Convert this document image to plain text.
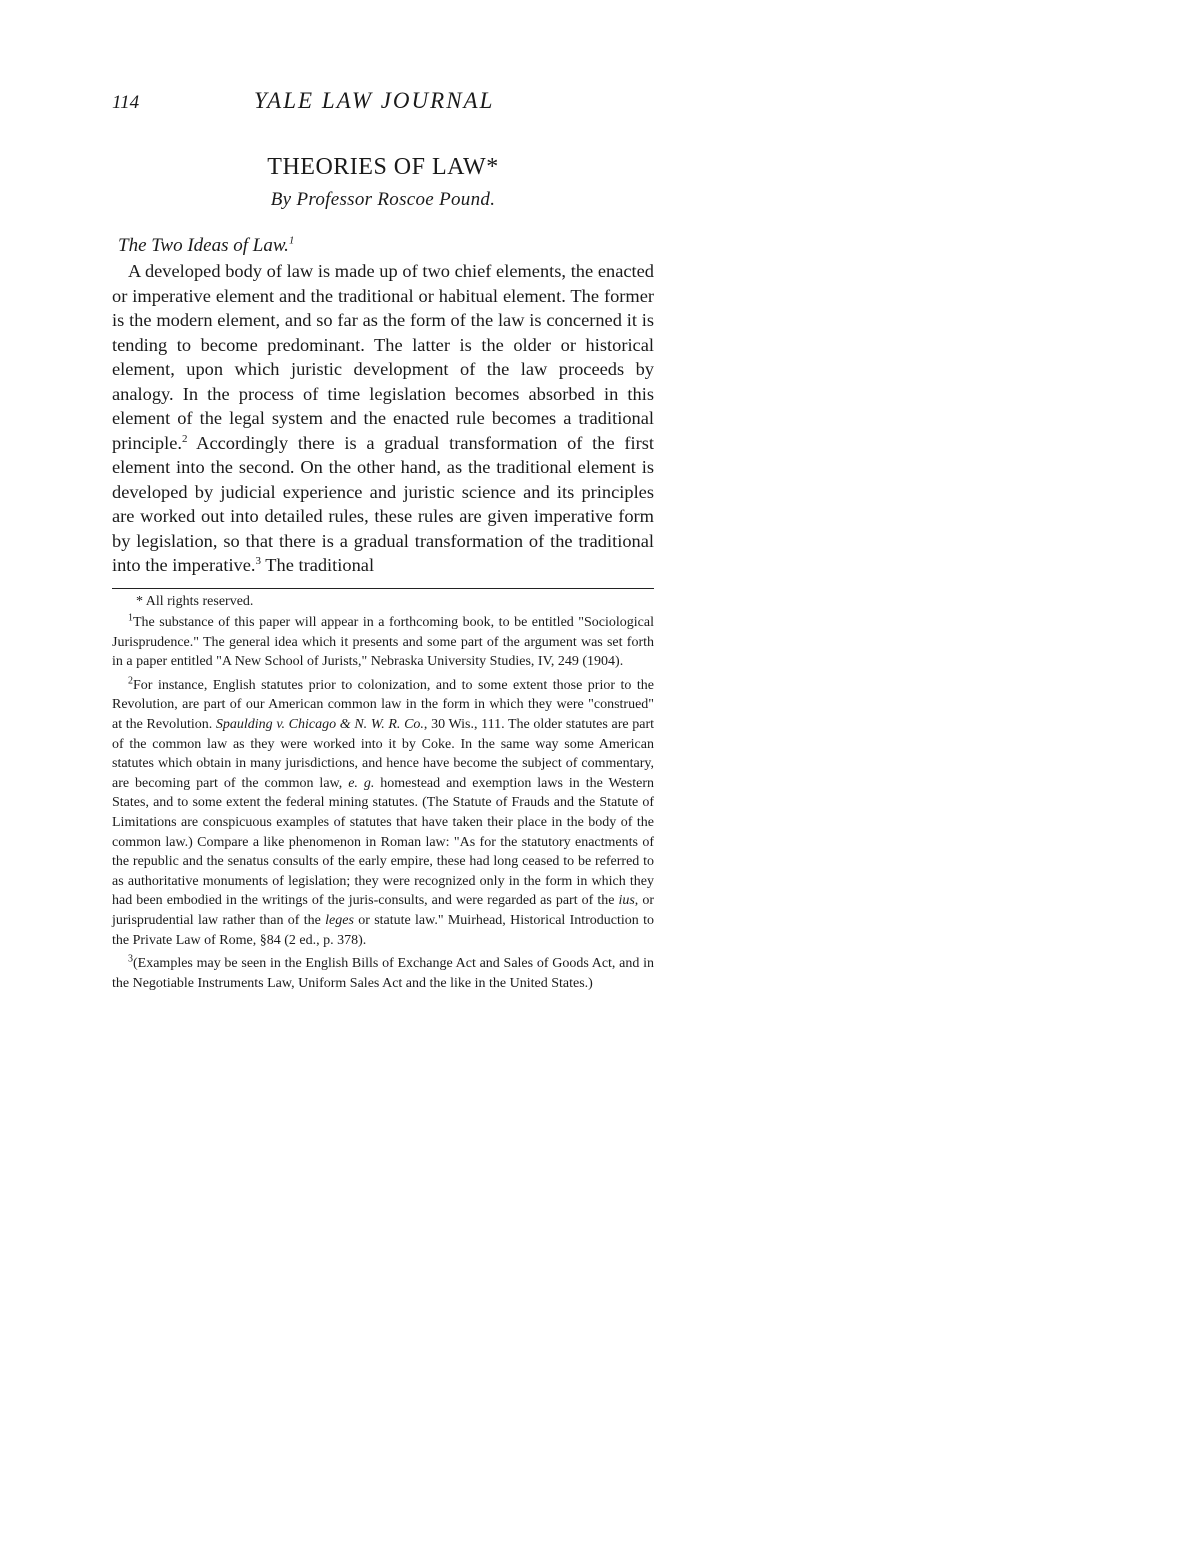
114	YALE LAW JOURNAL
THEORIES OF LAW*

By Professor Roscoe Pound.

The Two Ideas of Law.$^1$

A developed body of law is made up of two chief elements, the enacted or imperative element and the traditional or habitual element. The former is the modern element, and so far as the form of the law is concerned it is tending to become predominant. The latter is the older or historical element, upon which juristic development of the law proceeds by analogy. In the process of time legislation becomes absorbed in this element of the legal system and the enacted rule becomes a traditional principle.$^2$ Accordingly there is a gradual transformation of the first element into the second. On the other hand, as the traditional element is developed by judicial experience and juristic science and its principles are worked out into detailed rules, these rules are given imperative form by legislation, so that there is a gradual transformation of the traditional into the imperative.$^3$ The traditional

* All rights reserved.

$^1$The substance of this paper will appear in a forthcoming book, to be entitled "Sociological Jurisprudence." The general idea which it presents and some part of the argument was set forth in a paper entitled "A New School of Jurists," Nebraska University Studies, IV, 249 (1904).

$^2$For instance, English statutes prior to colonization, and to some extent those prior to the Revolution, are part of our American common law in the form in which they were "construed" at the Revolution. Spaulding v. Chicago & N. W. R. Co., 30 Wis., 111. The older statutes are part of the common law as they were worked into it by Coke. In the same way some American statutes which obtain in many jurisdictions, and hence have become the subject of commentary, are becoming part of the common law, e. g. homestead and exemption laws in the Western States, and to some extent the federal mining statutes. (The Statute of Frauds and the Statute of Limitations are conspicuous examples of statutes that have taken their place in the body of the common law.) Compare a like phenomenon in Roman law: "As for the statutory enactments of the republic and the senatus consults of the early empire, these had long ceased to be referred to as authoritative monuments of legislation; they were recognized only in the form in which they had been embodied in the writings of the juris-consults, and were regarded as part of the ius, or jurisprudential law rather than of the leges or statute law." Muirhead, Historical Introduction to the Private Law of Rome, §84 (2 ed., p. 378).

$^3$(Examples may be seen in the English Bills of Exchange Act and Sales of Goods Act, and in the Negotiable Instruments Law, Uniform Sales Act and the like in the United States.)
